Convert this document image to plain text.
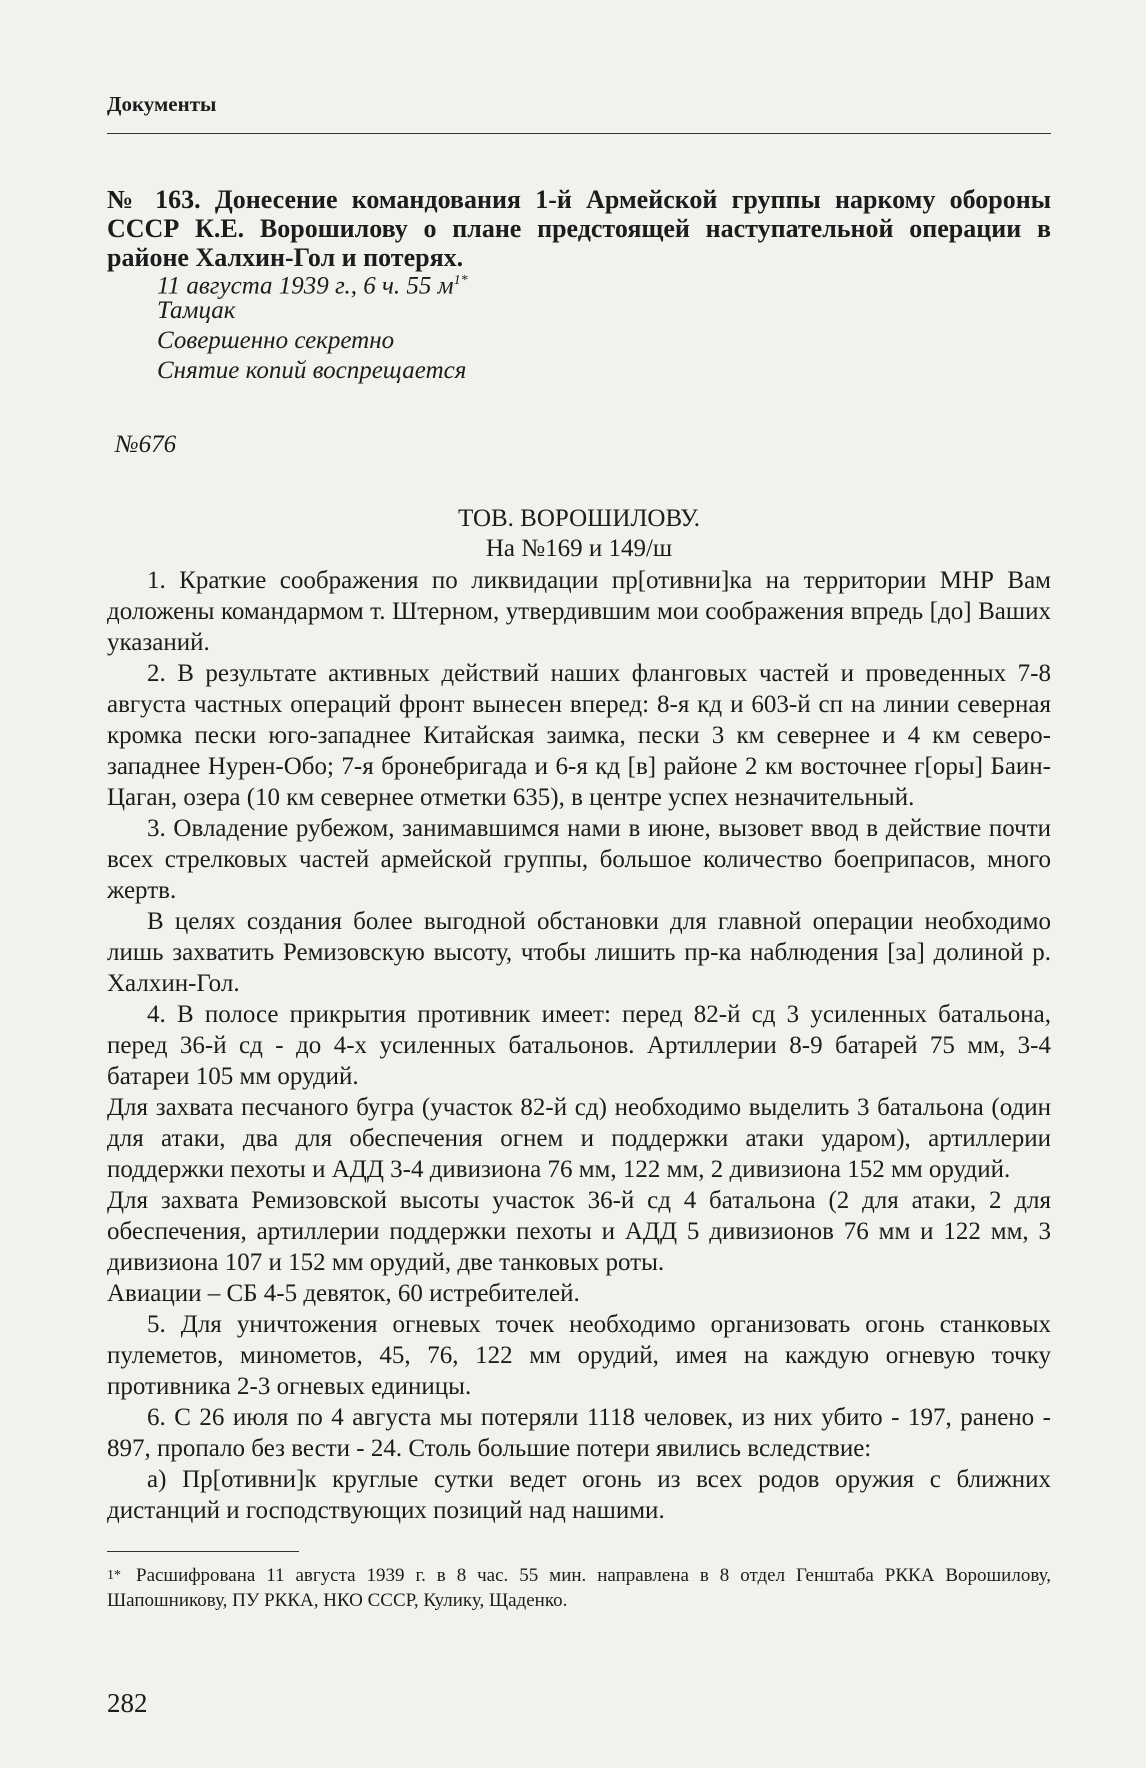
Документы

№ 163. Донесение командования 1-й Армейской группы наркому обороны СССР К.Е. Ворошилову о плане предстоящей наступательной операции в районе Халхин-Гол и потерях.

11 августа 1939 г., 6 ч. 55 $м^{1*}$
Тамцак
Совершенно секретно
Снятие копий воспрещается
№676
ТОВ. ВОРОШИЛОВУ.
На №169 и 149/ш

1. Краткие соображения по ликвидации пр[отивни]ка на территории МНР Вам доложены командармом т. Штерном, утвердившим мои соображения впредь [до] Ваших указаний.

2. В результате активных действий наших фланговых частей и проведенных 7-8 августа частных операций фронт вынесен вперед: 8-я кд и 603-й сп на линии северная кромка пески юго-западнее Китайская заимка, пески 3 км севернее и 4 км северо-западнее Нурен-Обо; 7-я бронебригада и 6-я кд [в] районе 2 км восточнее г[оры] Баин-Цаган, озера (10 км севернее отметки 635), в центре успех незначительный.

3. Овладение рубежом, занимавшимся нами в июне, вызовет ввод в действие почти всех стрелковых частей армейской группы, большое количество боеприпасов, много жертв.

В целях создания более выгодной обстановки для главной операции необходимо лишь захватить Ремизовскую высоту, чтобы лишить пр-ка наблюдения [за] долиной р. Халхин-Гол.

4. В полосе прикрытия противник имеет: перед 82-й сд 3 усиленных батальона, перед 36-й сд - до 4-х усиленных батальонов. Артиллерии 8-9 батарей 75 мм, 3-4 батареи 105 мм орудий.

Для захвата песчаного бугра (участок 82-й сд) необходимо выделить 3 батальона (один для атаки, два для обеспечения огнем и поддержки атаки ударом), артиллерии поддержки пехоты и АДД 3-4 дивизиона 76 мм, 122 мм, 2 дивизиона 152 мм орудий.

Для захвата Ремизовской высоты участок 36-й сд 4 батальона (2 для атаки, 2 для обеспечения, артиллерии поддержки пехоты и АДД 5 дивизионов 76 мм и 122 мм, 3 дивизиона 107 и 152 мм орудий, две танковых роты.

Авиации – СБ 4-5 девяток, 60 истребителей.

5. Для уничтожения огневых точек необходимо организовать огонь станковых пулеметов, минометов, 45, 76, 122 мм орудий, имея на каждую огневую точку противника 2-3 огневых единицы.

6. С 26 июля по 4 августа мы потеряли 1118 человек, из них убито - 197, ранено - 897, пропало без вести - 24. Столь большие потери явились вследствие:

а) Пр[отивни]к круглые сутки ведет огонь из всех родов оружия с ближних дистанций и господствующих позиций над нашими.

1* Расшифрована 11 августа 1939 г. в 8 час. 55 мин. направлена в 8 отдел Генштаба РККА Ворошилову, Шапошникову, ПУ РККА, НКО СССР, Кулику, Щаденко.
282
